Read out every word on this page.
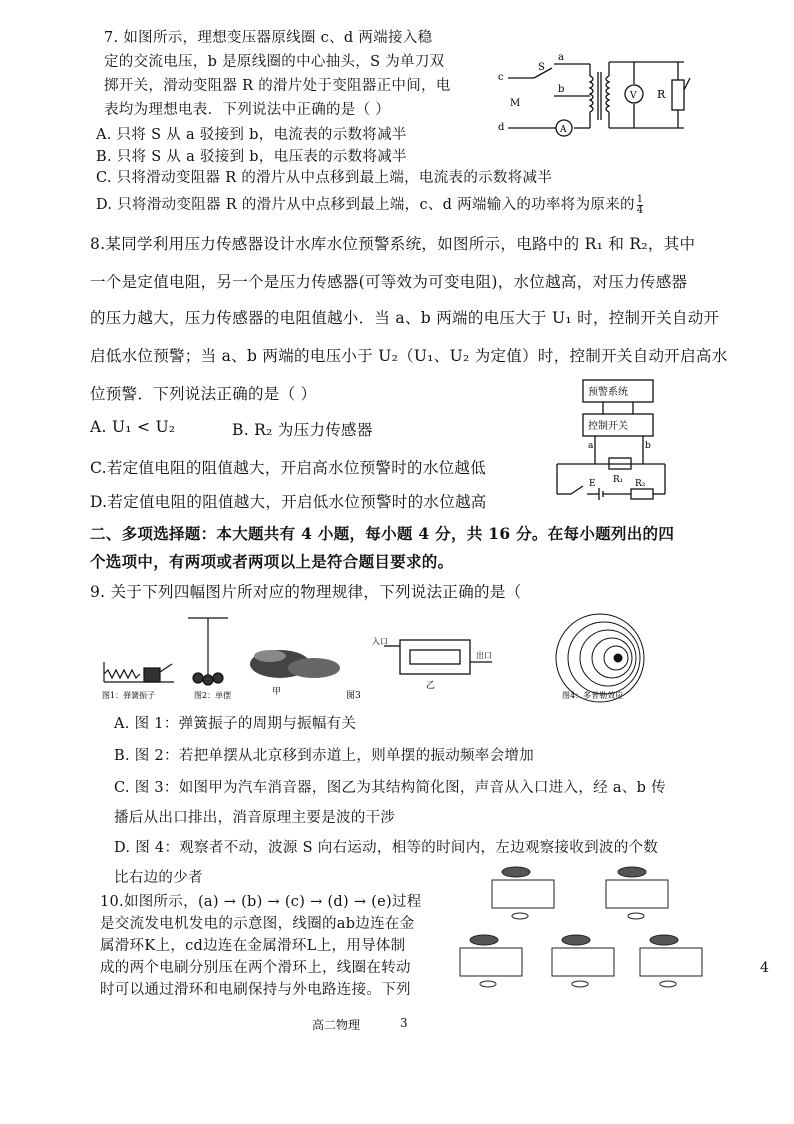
7. 如图所示，理想变压器原线圈 c、d 两端接入稳
定的交流电压，b 是原线圈的中心抽头，S 为单刀双
掷开关，滑动变阻器 R 的滑片处于变阻器正中间，电
表均为理想电表．下列说法中正确的是（ ）
A. 只将 S 从 a 驳接到 b，电流表的示数将减半
B. 只将 S 从 a 驳接到 b，电压表的示数将减半
C. 只将滑动变阻器 R 的滑片从中点移到最上端，电流表的示数将减半
D. 只将滑动变阻器 R 的滑片从中点移到最上端，c、d 两端输入的功率将为原来的 $\frac{1}{4}$
c
d
a
b
S
M
R
V
A
8.某同学利用压力传感器设计水库水位预警系统，如图所示，电路中的 R₁ 和 R₂，其中
一个是定值电阻，另一个是压力传感器(可等效为可变电阻)，水位越高，对压力传感器
的压力越大，压力传感器的电阻值越小．当 a、b 两端的电压大于 U₁ 时，控制开关自动开
启低水位预警；当 a、b 两端的电压小于 U₂（U₁、U₂ 为定值）时，控制开关自动开启高水
位预警．下列说法正确的是（ ）
A. U₁ < U₂	B. R₂ 为压力传感器
C.若定值电阻的阻值越大，开启高水位预警时的水位越低
D.若定值电阻的阻值越大，开启低水位预警时的水位越高
预警系统
控制开关
a	b
R₁
E	R₂
二、多项选择题：本大题共有 4 小题，每小题 4 分，共 16 分。在每小题列出的四
个选项中，有两项或者两项以上是符合题目要求的。
9. 关于下列四幅图片所对应的物理规律，下列说法正确的是（
图1：弹簧振子	图2：单摆	甲	图3
乙
入口
出口
图4：多普勒效应
A. 图 1：弹簧振子的周期与振幅有关
B. 图 2：若把单摆从北京移到赤道上，则单摆的振动频率会增加
C. 图 3：如图甲为汽车消音器，图乙为其结构简化图，声音从入口进入，经 a、b 传
播后从出口排出，消音原理主要是波的干涉
D. 图 4：观察者不动，波源 S 向右运动，相等的时间内，左边观察接收到波的个数
比右边的少者
10.如图所示，(a) → (b) → (c) → (d) → (e)过程
是交流发电机发电的示意图，线圈的ab边连在金
属滑环K上，cd边连在金属滑环L上，用导体制
成的两个电刷分别压在两个滑环上，线圈在转动
时可以通过滑环和电刷保持与外电路连接。下列
高二物理	3
4
